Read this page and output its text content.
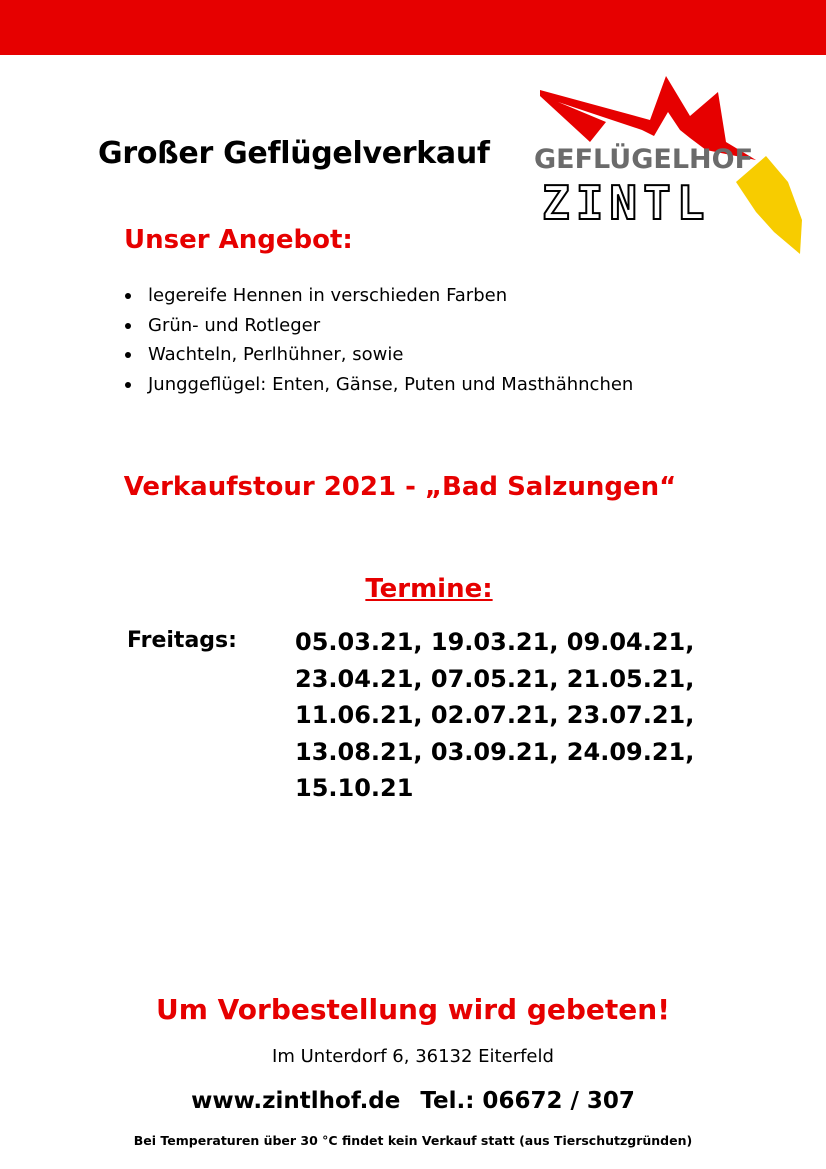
Großer Geflügelverkauf GEFLÜGELHOF
ZINTL
Unser Angebot:
legereife Hennen in verschieden Farben
Grün- und Rotleger
Wachteln, Perlhühner, sowie
Junggeflügel: Enten, Gänse, Puten und Masthähnchen
Verkaufstour 2021 - „Bad Salzungen“
Termine:
Freitags: 05.03.21, 19.03.21, 09.04.21,
23.04.21, 07.05.21, 21.05.21,
11.06.21, 02.07.21, 23.07.21,
13.08.21, 03.09.21, 24.09.21,
15.10.21
Um Vorbestellung wird gebeten!
Im Unterdorf 6, 36132 Eiterfeld
www.zintlhof.de Tel.: 06672 / 307
Bei Temperaturen über 30 °C findet kein Verkauf statt (aus Tierschutzgründen)
